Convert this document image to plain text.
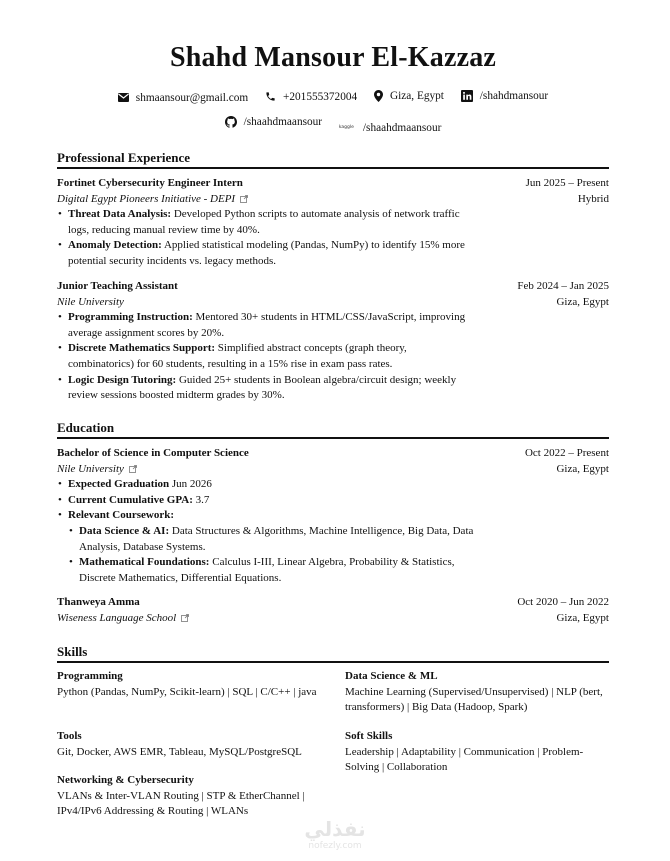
Shahd Mansour El-Kazzaz
shmaansour@gmail.com
	+201555372004
	Giza, Egypt
	/shahdmansour
/shaahdmaansour
	kaggle /shaahdmaansour
Professional Experience
Fortinet Cybersecurity Engineer Intern	Jun 2025 – Present
Digital Egypt Pioneers Initiative - DEPI	Hybrid
• Threat Data Analysis: Developed Python scripts to automate analysis of network traffic logs, reducing manual review time by 40%.
• Anomaly Detection: Applied statistical modeling (Pandas, NumPy) to identify 15% more potential security incidents vs. legacy methods.
Junior Teaching Assistant	Feb 2024 – Jan 2025
Nile University	Giza, Egypt
• Programming Instruction: Mentored 30+ students in HTML/CSS/JavaScript, improving average assignment scores by 20%.
• Discrete Mathematics Support: Simplified abstract concepts (graph theory, combinatorics) for 60 students, resulting in a 15% rise in exam pass rates.
• Logic Design Tutoring: Guided 25+ students in Boolean algebra/circuit design; weekly review sessions boosted midterm grades by 30%.
Education
Bachelor of Science in Computer Science	Oct 2022 – Present
Nile University	Giza, Egypt
• Expected Graduation Jun 2026
• Current Cumulative GPA: 3.7
• Relevant Coursework:
• Data Science & AI: Data Structures & Algorithms, Machine Intelligence, Big Data, Data Analysis, Database Systems.
• Mathematical Foundations: Calculus I-III, Linear Algebra, Probability & Statistics, Discrete Mathematics, Differential Equations.
Thanweya Amma	Oct 2020 – Jun 2022
Wiseness Language School	Giza, Egypt
Skills
Programming
Python (Pandas, NumPy, Scikit-learn) | SQL | C/C++ | java
Data Science & ML
Machine Learning (Supervised/Unsupervised) | NLP (bert, transformers) | Big Data (Hadoop, Spark)
Tools
Git, Docker, AWS EMR, Tableau, MySQL/PostgreSQL
Soft Skills
Leadership | Adaptability | Communication | Problem-Solving | Collaboration
Networking & Cybersecurity
VLANs & Inter-VLAN Routing | STP & EtherChannel | IPv4/IPv6 Addressing & Routing | WLANs
نفذلي
nofezly.com
